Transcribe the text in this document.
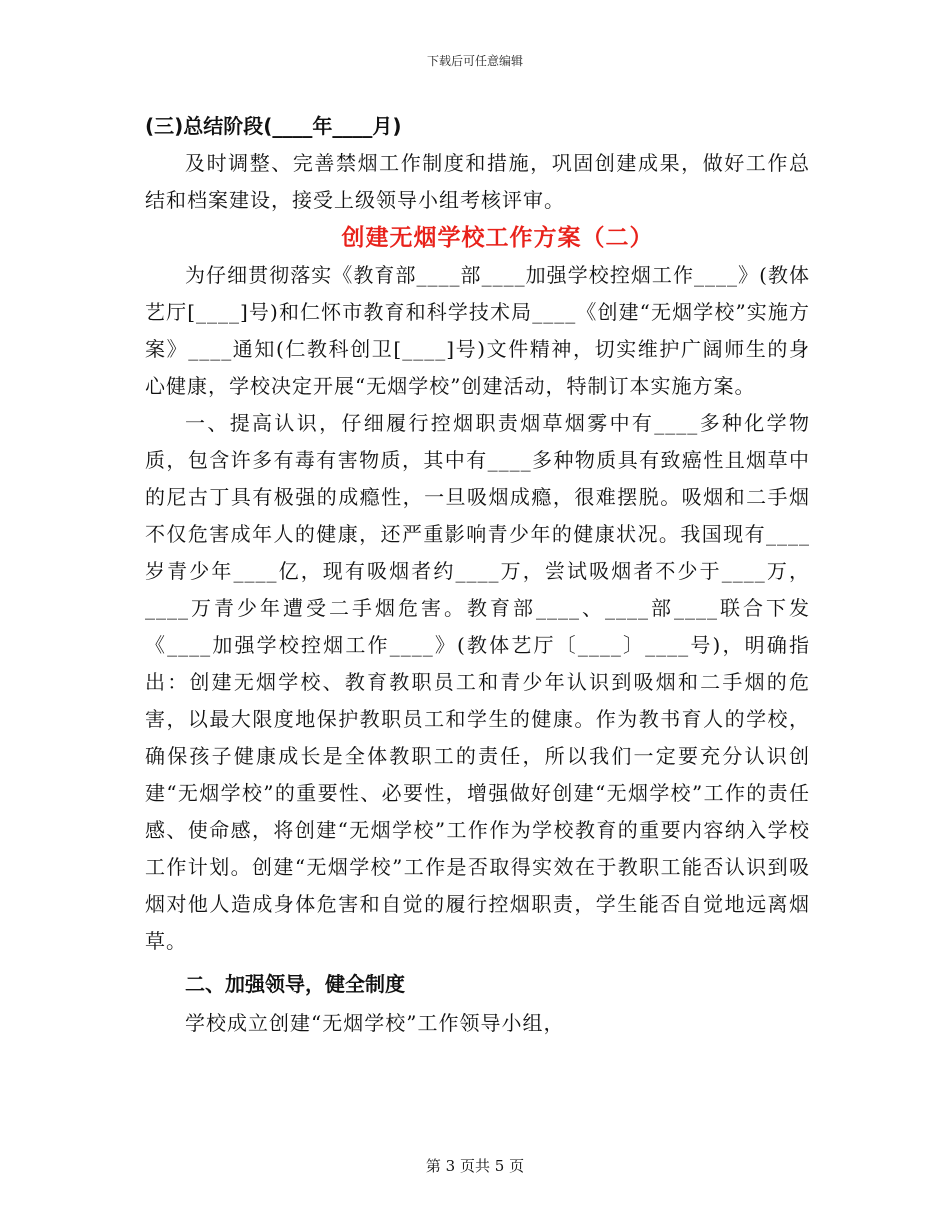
下载后可任意编辑

(三)总结阶段(____年____月)

及时调整、完善禁烟工作制度和措施，巩固创建成果，做好工作总结和档案建设，接受上级领导小组考核评审。

创建无烟学校工作方案（二）

为仔细贯彻落实《教育部____部____加强学校控烟工作____》(教体艺厅[____]号)和仁怀市教育和科学技术局____《创建“无烟学校”实施方案》____通知(仁教科创卫[____]号)文件精神，切实维护广阔师生的身心健康，学校决定开展“无烟学校”创建活动，特制订本实施方案。

一、提高认识，仔细履行控烟职责烟草烟雾中有____多种化学物质，包含许多有毒有害物质，其中有____多种物质具有致癌性且烟草中的尼古丁具有极强的成瘾性，一旦吸烟成瘾，很难摆脱。吸烟和二手烟不仅危害成年人的健康，还严重影响青少年的健康状况。我国现有____岁青少年____亿，现有吸烟者约____万，尝试吸烟者不少于____万，____万青少年遭受二手烟危害。教育部____、____部____联合下发《____加强学校控烟工作____》(教体艺厅〔____〕____号)，明确指出：创建无烟学校、教育教职员工和青少年认识到吸烟和二手烟的危害，以最大限度地保护教职员工和学生的健康。作为教书育人的学校，确保孩子健康成长是全体教职工的责任，所以我们一定要充分认识创建“无烟学校”的重要性、必要性，增强做好创建“无烟学校”工作的责任感、使命感，将创建“无烟学校”工作作为学校教育的重要内容纳入学校工作计划。创建“无烟学校”工作是否取得实效在于教职工能否认识到吸烟对他人造成身体危害和自觉的履行控烟职责，学生能否自觉地远离烟草。

二、加强领导，健全制度

学校成立创建“无烟学校”工作领导小组，

第 3 页共 5 页
